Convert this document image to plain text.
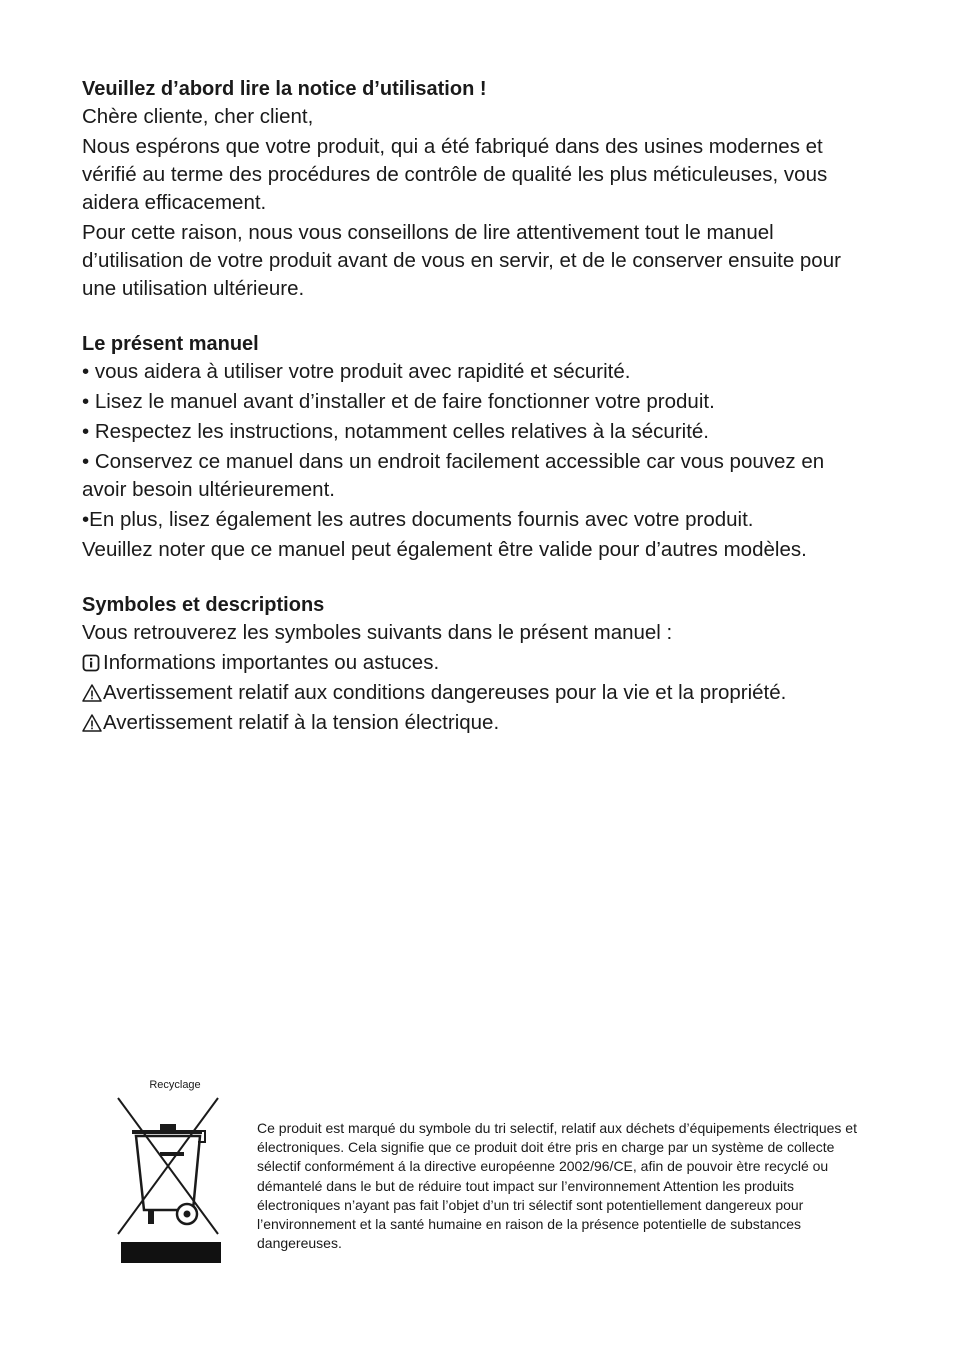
Veuillez d’abord lire la notice d’utilisation !

Chère cliente, cher client,

Nous espérons que votre produit, qui a été fabriqué dans des usines modernes et vérifié au terme des procédures de contrôle de qualité les plus méticuleuses, vous aidera efficacement.

Pour cette raison, nous vous conseillons de lire attentivement tout le manuel d’utilisation de votre produit avant de vous en servir, et de le conserver ensuite pour une utilisation ultérieure.

Le présent manuel

• vous aidera à utiliser votre produit avec rapidité et sécurité.

• Lisez le manuel avant d’installer et de faire fonctionner votre produit.

• Respectez les instructions, notamment celles relatives à la sécurité.

• Conservez ce manuel dans un endroit facilement accessible car vous pouvez en avoir besoin ultérieurement.

•En plus, lisez également les autres documents fournis avec votre produit.

Veuillez noter que ce manuel peut également être valide pour d’autres modèles.

Symboles et descriptions

Vous retrouverez les symboles suivants dans le présent manuel :

Informations importantes ou astuces.
Avertissement relatif aux conditions dangereuses pour la vie et la propriété.
Avertissement relatif à la tension électrique.

Recyclage

Ce produit est marqué du symbole du tri selectif, relatif aux déchets d’équipements électriques et électroniques. Cela signifie que ce produit doit étre pris en charge par un système de collecte sélectif conformément á la directive européenne 2002/96/CE, afin de pouvoir ètre recyclé ou démantelé dans le but de réduire tout impact sur l’environnement Attention les produits électroniques n’ayant pas fait l’objet d’un tri sélectif sont potentiellement dangereux pour l’environnement et la santé humaine en raison de la présence potentielle de substances dangereuses.
